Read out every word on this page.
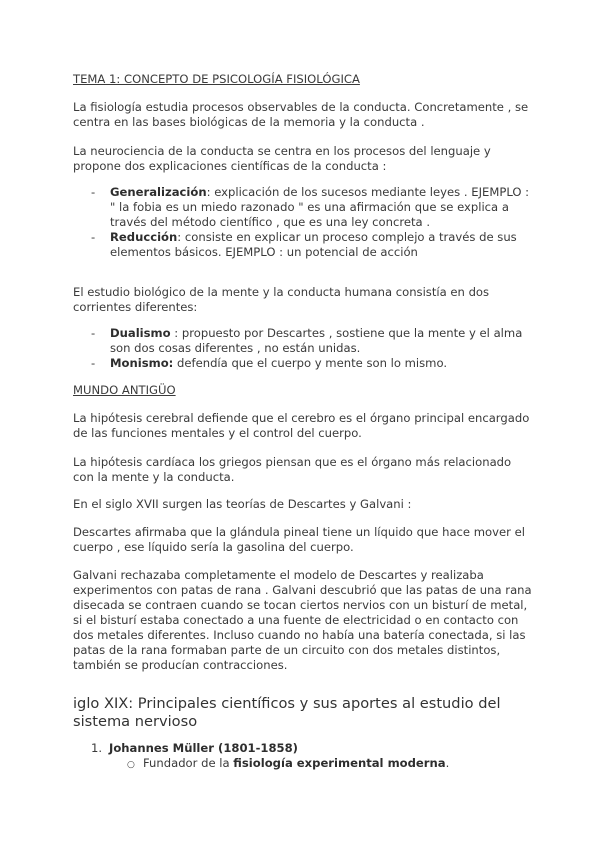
TEMA 1: CONCEPTO DE PSICOLOGÍA FISIOLÓGICA

La fisiología estudia procesos observables de la conducta. Concretamente , se centra en las bases biológicas de la memoria y la conducta .

La neurociencia de la conducta se centra en los procesos del lenguaje y propone dos explicaciones científicas de la conducta :

- Generalización: explicación de los sucesos mediante leyes . EJEMPLO : " la fobia es un miedo razonado " es una afirmación que se explica a través del método científico , que es una ley concreta .
- Reducción: consiste en explicar un proceso complejo a través de sus elementos básicos. EJEMPLO : un potencial de acción

El estudio biológico de la mente y la conducta humana consistía en dos corrientes diferentes:

- Dualismo : propuesto por Descartes , sostiene que la mente y el alma son dos cosas diferentes , no están unidas.
- Monismo: defendía que el cuerpo y mente son lo mismo.

MUNDO ANTIGÜO

La hipótesis cerebral defiende que el cerebro es el órgano principal encargado de las funciones mentales y el control del cuerpo.

La hipótesis cardíaca los griegos piensan que es el órgano más relacionado con la mente y la conducta.

En el siglo XVII surgen las teorías de Descartes y Galvani :

Descartes afirmaba que la glándula pineal tiene un líquido que hace mover el cuerpo , ese líquido sería la gasolina del cuerpo.

Galvani rechazaba completamente el modelo de Descartes y realizaba experimentos con patas de rana . Galvani descubrió que las patas de una rana disecada se contraen cuando se tocan ciertos nervios con un bisturí de metal, si el bisturí estaba conectado a una fuente de electricidad o en contacto con dos metales diferentes. Incluso cuando no había una batería conectada, si las patas de la rana formaban parte de un circuito con dos metales distintos, también se producían contracciones.

iglo XIX: Principales científicos y sus aportes al estudio del sistema nervioso
1. Johannes Müller (1801-1858)
○ Fundador de la fisiología experimental moderna.
